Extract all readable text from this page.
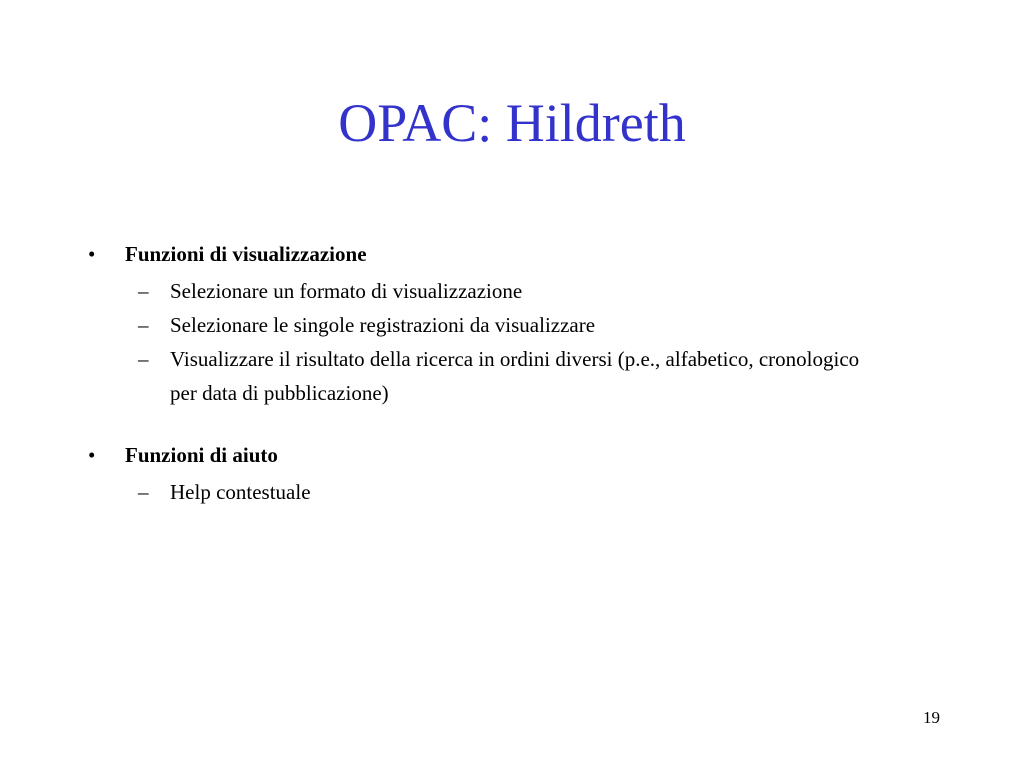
OPAC: Hildreth
• Funzioni di visualizzazione
– Selezionare un formato di visualizzazione
– Selezionare le singole registrazioni da visualizzare
– Visualizzare il risultato della ricerca in ordini diversi (p.e., alfabetico, cronologico per data di pubblicazione)
• Funzioni di aiuto
– Help contestuale
19
